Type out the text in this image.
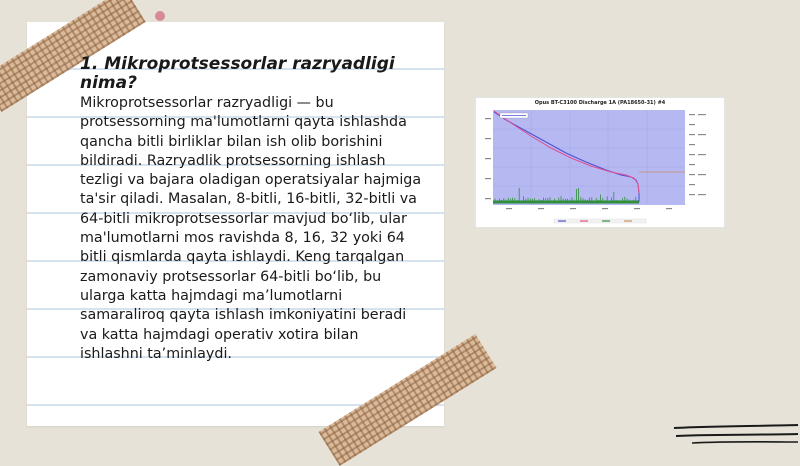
1. Mikroprotsessorlar razryadligi nima?

Mikroprotsessorlar razryadligi — bu protsessorning ma'lumotlarni qayta ishlashda qancha bitli birliklar bilan ish olib borishini bildiradi. Razryadlik protsessorning ishlash tezligi va bajara oladigan operatsiyalar hajmiga ta'sir qiladi. Masalan, 8-bitli, 16-bitli, 32-bitli va 64-bitli mikroprotsessorlar mavjud bo‘lib, ular ma'lumotlarni mos ravishda 8, 16, 32 yoki 64 bitli qismlarda qayta ishlaydi. Keng tarqalgan zamonaviy protsessorlar 64-bitli bo‘lib, bu ularga katta hajmdagi ma’lumotlarni samaraliroq qayta ishlash imkoniyatini beradi va katta hajmdagi operativ xotira bilan ishlashni ta’minlaydi.

Opus BT-C3100 Discharge 1A (PA18650-31) #4
